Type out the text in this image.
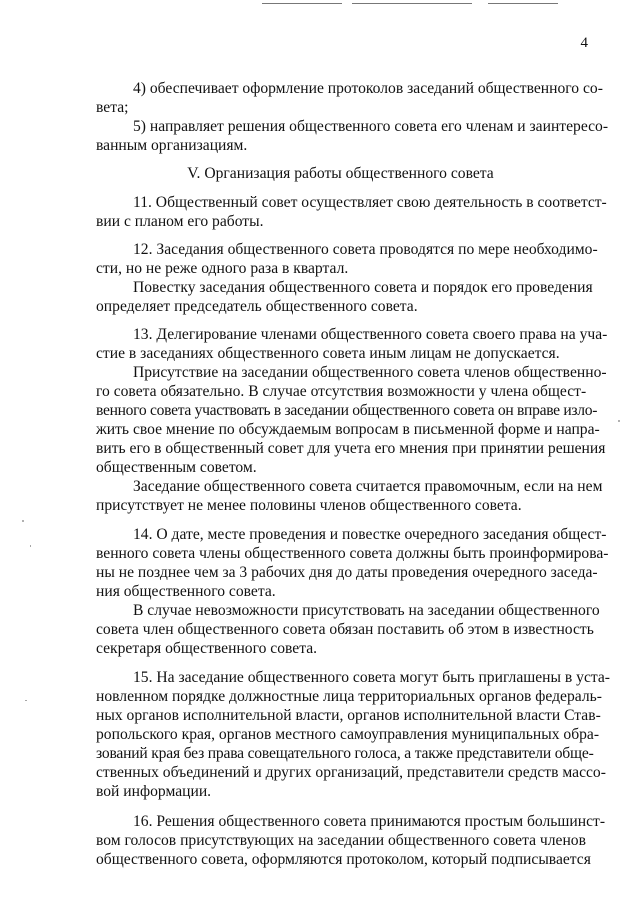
4
4) обеспечивает оформление протоколов заседаний общественного со-
вета;
5) направляет решения общественного совета его членам и заинтересо-
ванным организациям.
V. Организация работы общественного совета
11. Общественный совет осуществляет свою деятельность в соответст-
вии с планом его работы.
12. Заседания общественного совета проводятся по мере необходимо-
сти, но не реже одного раза в квартал.
Повестку заседания общественного совета и порядок его проведения
определяет председатель общественного совета.
13. Делегирование членами общественного совета своего права на уча-
стие в заседаниях общественного совета иным лицам не допускается.
Присутствие на заседании общественного совета членов общественно-
го совета обязательно. В случае отсутствия возможности у члена общест-
венного совета участвовать в заседании общественного совета он вправе изло-
жить свое мнение по обсуждаемым вопросам в письменной форме и напра-
вить его в общественный совет для учета его мнения при принятии решения
общественным советом.
Заседание общественного совета считается правомочным, если на нем
присутствует не менее половины членов общественного совета.
14. О дате, месте проведения и повестке очередного заседания общест-
венного совета члены общественного совета должны быть проинформирова-
ны не позднее чем за 3 рабочих дня до даты проведения очередного заседа-
ния общественного совета.
В случае невозможности присутствовать на заседании общественного
совета член общественного совета обязан поставить об этом в известность
секретаря общественного совета.
15. На заседание общественного совета могут быть приглашены в уста-
новленном порядке должностные лица территориальных органов федераль-
ных органов исполнительной власти, органов исполнительной власти Став-
ропольского края, органов местного самоуправления муниципальных обра-
зований края без права совещательного голоса, а также представители обще-
ственных объединений и других организаций, представители средств массо-
вой информации.
16. Решения общественного совета принимаются простым большинст-
вом голосов присутствующих на заседании общественного совета членов
общественного совета, оформляются протоколом, который подписывается
